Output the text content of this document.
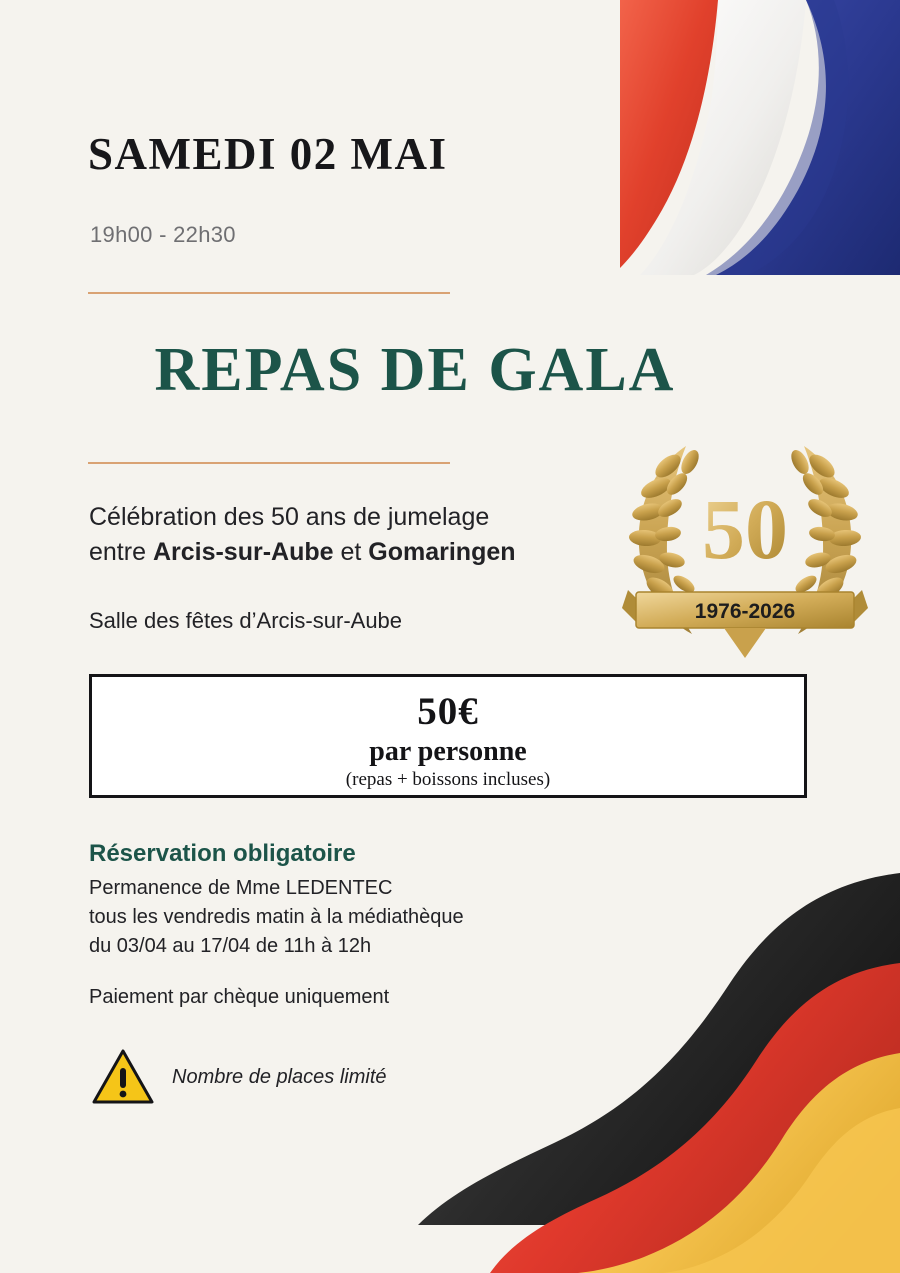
SAMEDI 02 MAI
19h00 - 22h30
REPAS DE GALA
Célébration des 50 ans de jumelage
entre Arcis-sur-Aube et Gomaringen
Salle des fêtes d’Arcis-sur-Aube
50
1976-2026
50€
par personne
(repas + boissons incluses)
Réservation obligatoire
Permanence de Mme LEDENTEC
tous les vendredis matin à la médiathèque
du 03/04 au 17/04 de 11h à 12h
Paiement par chèque uniquement
Nombre de places limité
